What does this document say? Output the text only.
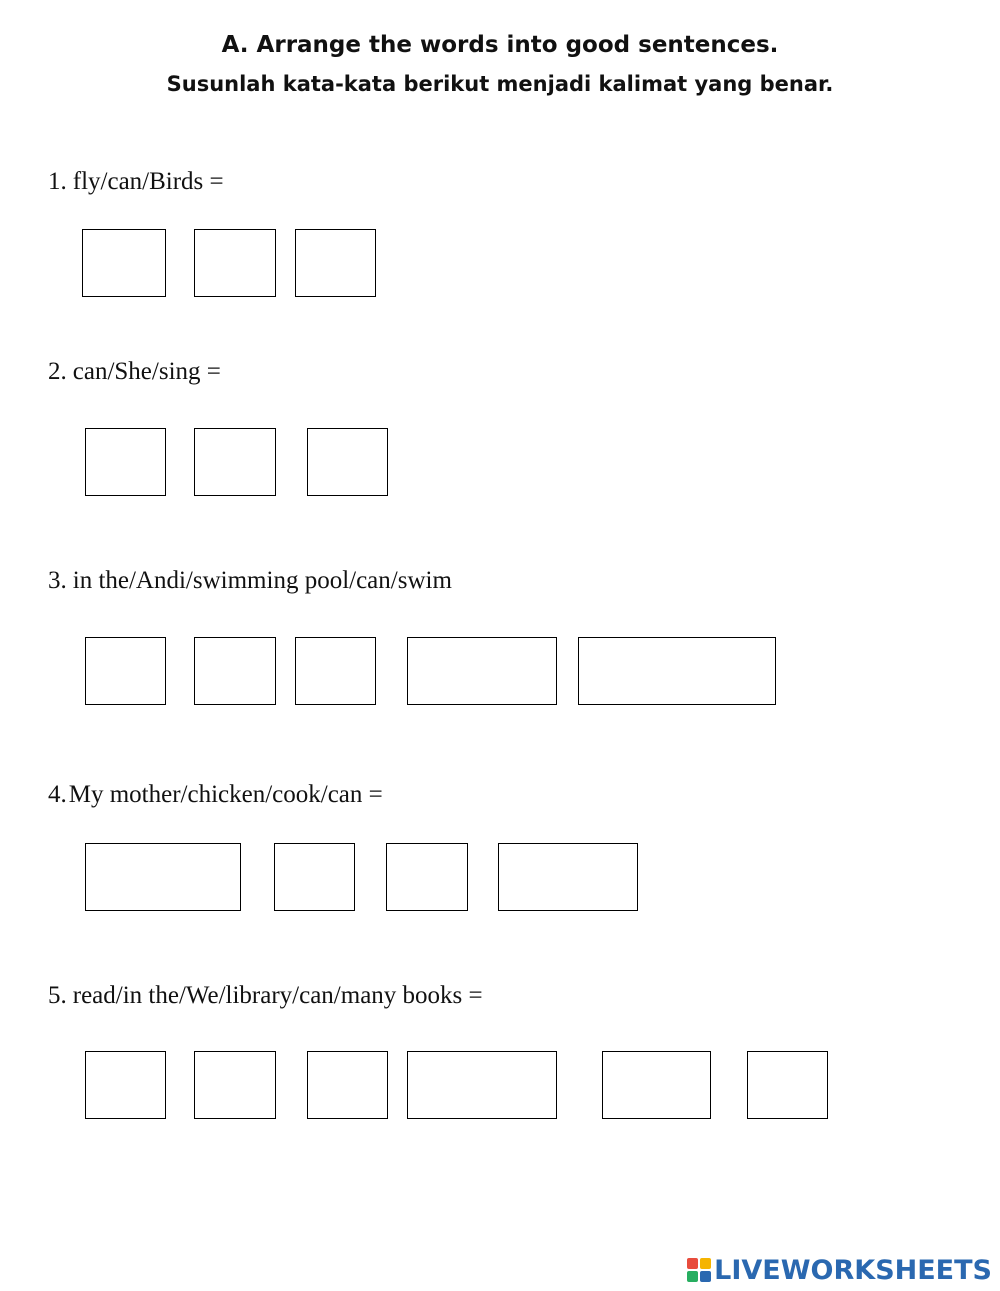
A. Arrange the words into good sentences.
Susunlah kata-kata berikut menjadi kalimat yang benar.
1. fly/can/Birds =
2. can/She/sing =
3. in the/Andi/swimming pool/can/swim
4.My mother/chicken/cook/can =
5. read/in the/We/library/can/many books =
LIVEWORKSHEETS
